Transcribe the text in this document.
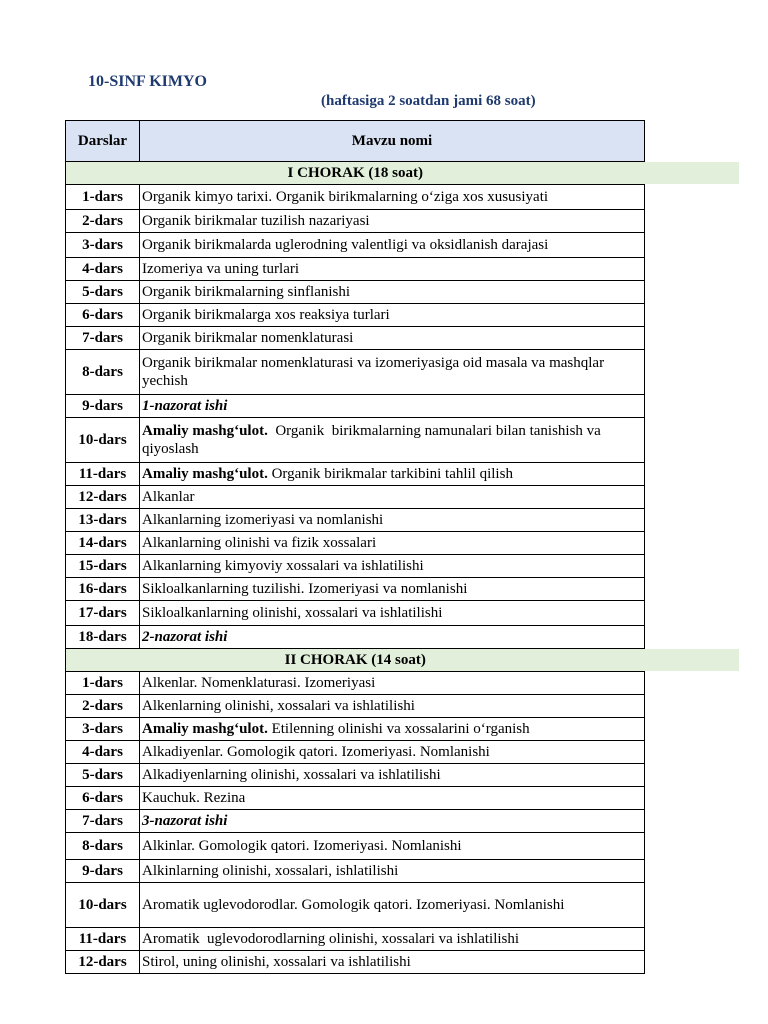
10-SINF KIMYO
(haftasiga 2 soatdan jami 68 soat)
Darslar	Mavzu nomi
I CHORAK (18 soat)	

1-dars	Organik kimyo tarixi. Organik birikmalarning oʻziga xos xususiyati
2-dars	Organik birikmalar tuzilish nazariyasi
3-dars	Organik birikmalarda uglerodning valentligi va oksidlanish darajasi
4-dars	Izomeriya va uning turlari
5-dars	Organik birikmalarning sinflanishi
6-dars	Organik birikmalarga xos reaksiya turlari
7-dars	Organik birikmalar nomenklaturasi
8-dars	Organik birikmalar nomenklaturasi va izomeriyasiga oid masala va mashqlar yechish
9-dars	1-nazorat ishi
10-dars	Amaliy mashgʻulot.  Organik  birikmalarning namunalari bilan tanishish va qiyoslash
11-dars	Amaliy mashgʻulot. Organik birikmalar tarkibini tahlil qilish
12-dars	Alkanlar
13-dars	Alkanlarning izomeriyasi va nomlanishi
14-dars	Alkanlarning olinishi va fizik xossalari
15-dars	Alkanlarning kimyoviy xossalari va ishlatilishi
16-dars	Sikloalkanlarning tuzilishi. Izomeriyasi va nomlanishi
17-dars	Sikloalkanlarning olinishi, xossalari va ishlatilishi
18-dars	2-nazorat ishi
II CHORAK (14 soat)	

1-dars	Alkenlar. Nomenklaturasi. Izomeriyasi
2-dars	Alkenlarning olinishi, xossalari va ishlatilishi
3-dars	Amaliy mashgʻulot. Etilenning olinishi va xossalarini oʻrganish
4-dars	Alkadiyenlar. Gomologik qatori. Izomeriyasi. Nomlanishi
5-dars	Alkadiyenlarning olinishi, xossalari va ishlatilishi
6-dars	Kauchuk. Rezina
7-dars	3-nazorat ishi
8-dars	Alkinlar. Gomologik qatori. Izomeriyasi. Nomlanishi
9-dars	Alkinlarning olinishi, xossalari, ishlatilishi
10-dars	Aromatik uglevodorodlar. Gomologik qatori. Izomeriyasi. Nomlanishi
11-dars	Aromatik  uglevodorodlarning olinishi, xossalari va ishlatilishi
12-dars	Stirol, uning olinishi, xossalari va ishlatilishi
